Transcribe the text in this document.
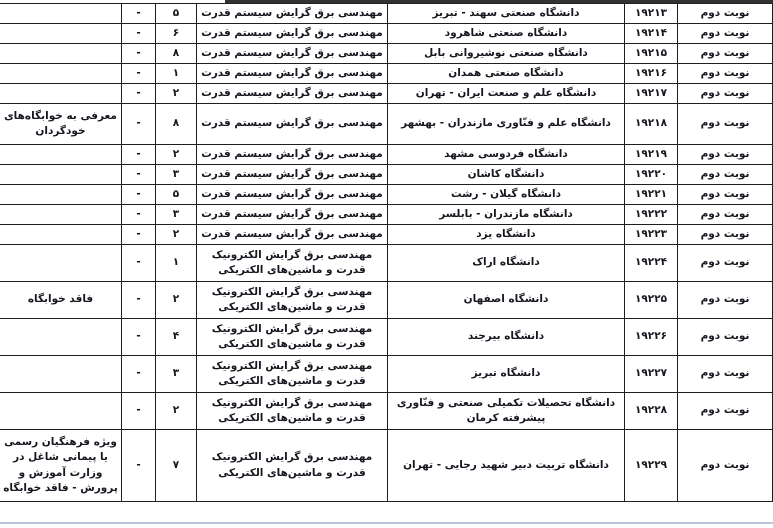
نوبت دوم	۱۹۲۱۳	دانشگاه صنعتی سهند - تبریز	مهندسی برق گرایش سیستم قدرت	۵	-	
نوبت دوم	۱۹۲۱۴	دانشگاه صنعتی شاهرود	مهندسی برق گرایش سیستم قدرت	۶	-	
نوبت دوم	۱۹۲۱۵	دانشگاه صنعتی نوشیروانی بابل	مهندسی برق گرایش سیستم قدرت	۸	-	
نوبت دوم	۱۹۲۱۶	دانشگاه صنعتی همدان	مهندسی برق گرایش سیستم قدرت	۱	-	
نوبت دوم	۱۹۲۱۷	دانشگاه علم و صنعت ایران - تهران	مهندسی برق گرایش سیستم قدرت	۲	-	
نوبت دوم	۱۹۲۱۸	دانشگاه علم و فنّاوری مازندران - بهشهر	مهندسی برق گرایش سیستم قدرت	۸	-	معرفی به خوابگاه‌های خودگردان
نوبت دوم	۱۹۲۱۹	دانشگاه فردوسی مشهد	مهندسی برق گرایش سیستم قدرت	۲	-	
نوبت دوم	۱۹۲۲۰	دانشگاه کاشان	مهندسی برق گرایش سیستم قدرت	۳	-	
نوبت دوم	۱۹۲۲۱	دانشگاه گیلان - رشت	مهندسی برق گرایش سیستم قدرت	۵	-	
نوبت دوم	۱۹۲۲۲	دانشگاه مازندران - بابلسر	مهندسی برق گرایش سیستم قدرت	۳	-	
نوبت دوم	۱۹۲۲۳	دانشگاه یزد	مهندسی برق گرایش سیستم قدرت	۲	-	
نوبت دوم	۱۹۲۲۴	دانشگاه اراک	مهندسی برق گرایش الکترونیک قدرت و ماشین‌های الکتریکی	۱	-	
نوبت دوم	۱۹۲۲۵	دانشگاه اصفهان	مهندسی برق گرایش الکترونیک قدرت و ماشین‌های الکتریکی	۲	-	فاقد خوابگاه
نوبت دوم	۱۹۲۲۶	دانشگاه بیرجند	مهندسی برق گرایش الکترونیک قدرت و ماشین‌های الکتریکی	۴	-	
نوبت دوم	۱۹۲۲۷	دانشگاه تبریز	مهندسی برق گرایش الکترونیک قدرت و ماشین‌های الکتریکی	۳	-	
نوبت دوم	۱۹۲۲۸	دانشگاه تحصیلات تکمیلی صنعتی و فنّاوری پیشرفته کرمان	مهندسی برق گرایش الکترونیک قدرت و ماشین‌های الکتریکی	۲	-	
نوبت دوم	۱۹۲۲۹	دانشگاه تربیت دبیر شهید رجایی - تهران	مهندسی برق گرایش الکترونیک قدرت و ماشین‌های الکتریکی	۷	-	ویژه فرهنگیان رسمی یا پیمانی شاغل در وزارت آموزش و پرورش - فاقد خوابگاه
